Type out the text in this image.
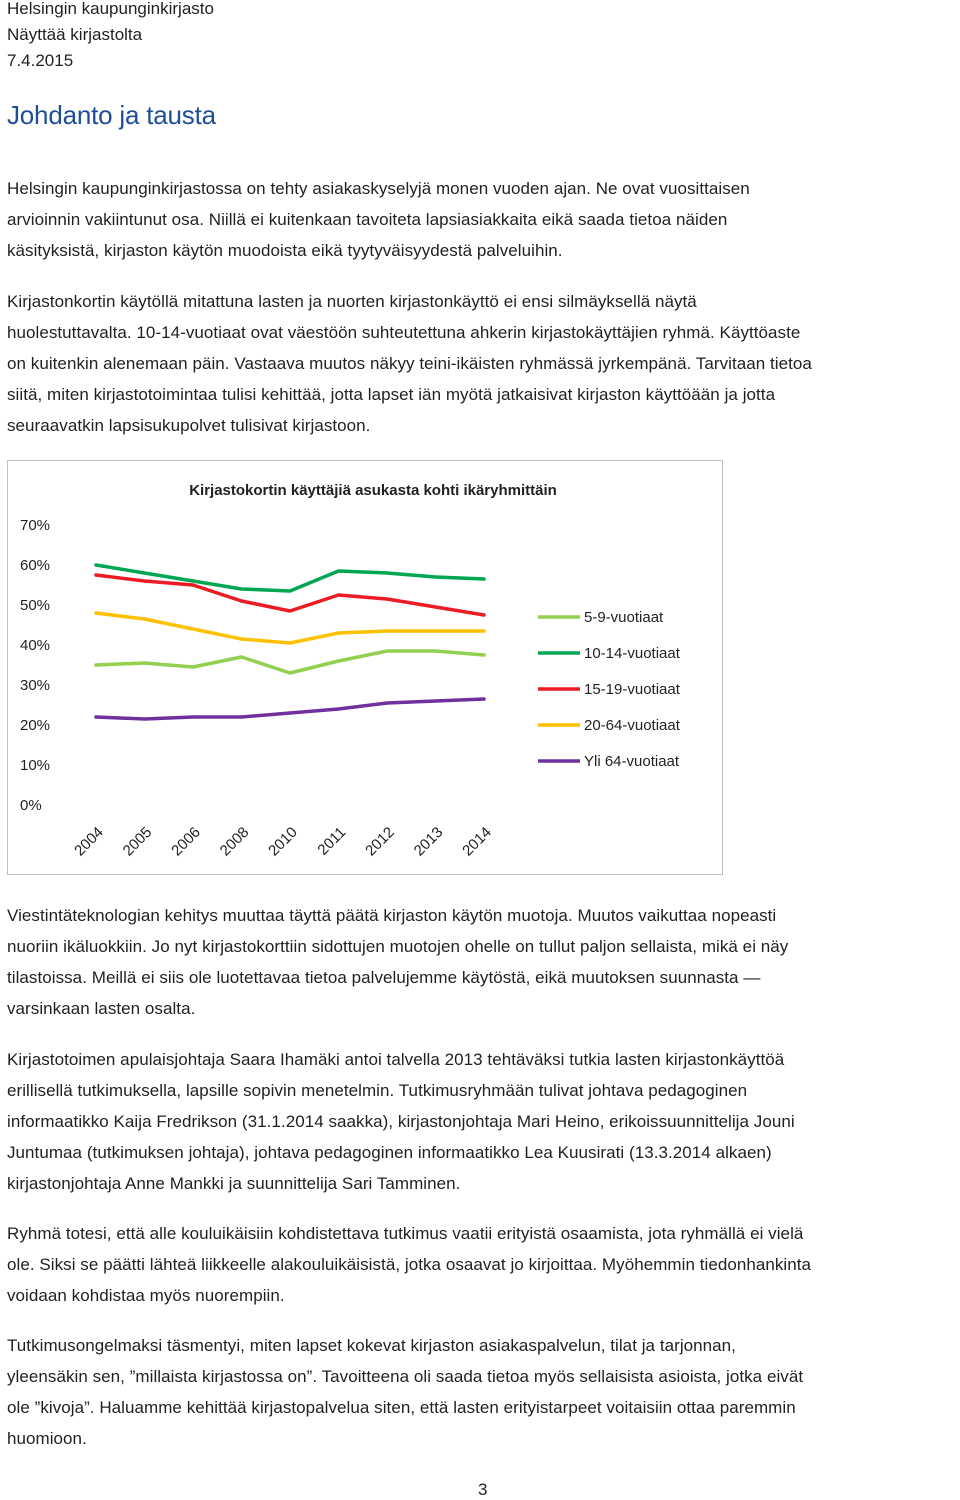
Helsingin kaupunginkirjasto
Näyttää kirjastolta
7.4.2015
Johdanto ja tausta
Helsingin kaupunginkirjastossa on tehty asiakaskyselyjä monen vuoden ajan. Ne ovat vuosittaisen
arvioinnin vakiintunut osa. Niillä ei kuitenkaan tavoiteta lapsiasiakkaita eikä saada tietoa näiden
käsityksistä, kirjaston käytön muodoista eikä tyytyväisyydestä palveluihin.
Kirjastonkortin käytöllä mitattuna lasten ja nuorten kirjastonkäyttö ei ensi silmäyksellä näytä
huolestuttavalta. 10-14-vuotiaat ovat väestöön suhteutettuna ahkerin kirjastokäyttäjien ryhmä. Käyttöaste
on kuitenkin alenemaan päin. Vastaava muutos näkyy teini-ikäisten ryhmässä jyrkempänä. Tarvitaan tietoa
siitä, miten kirjastotoimintaa tulisi kehittää, jotta lapset iän myötä jatkaisivat kirjaston käyttöään ja jotta
seuraavatkin lapsisukupolvet tulisivat kirjastoon.
Kirjastokortin käyttäjiä asukasta kohti ikäryhmittäin
0%
10%
20%
30%
40%
50%
60%
70%
2004 2005 2006 2008 2010 2011 2012 2013 2014
5-9-vuotiaat
10-14-vuotiaat
15-19-vuotiaat
20-64-vuotiaat
Yli 64-vuotiaat
Viestintäteknologian kehitys muuttaa täyttä päätä kirjaston käytön muotoja. Muutos vaikuttaa nopeasti
nuoriin ikäluokkiin. Jo nyt kirjastokorttiin sidottujen muotojen ohelle on tullut paljon sellaista, mikä ei näy
tilastoissa. Meillä ei siis ole luotettavaa tietoa palvelujemme käytöstä, eikä muutoksen suunnasta —
varsinkaan lasten osalta.
Kirjastotoimen apulaisjohtaja Saara Ihamäki antoi talvella 2013 tehtäväksi tutkia lasten kirjastonkäyttöä
erillisellä tutkimuksella, lapsille sopivin menetelmin. Tutkimusryhmään tulivat johtava pedagoginen
informaatikko Kaija Fredrikson (31.1.2014 saakka), kirjastonjohtaja Mari Heino, erikoissuunnittelija Jouni
Juntumaa (tutkimuksen johtaja), johtava pedagoginen informaatikko Lea Kuusirati (13.3.2014 alkaen)
kirjastonjohtaja Anne Mankki ja suunnittelija Sari Tamminen.
Ryhmä totesi, että alle kouluikäisiin kohdistettava tutkimus vaatii erityistä osaamista, jota ryhmällä ei vielä
ole. Siksi se päätti lähteä liikkeelle alakouluikäisistä, jotka osaavat jo kirjoittaa. Myöhemmin tiedonhankinta
voidaan kohdistaa myös nuorempiin.
Tutkimusongelmaksi täsmentyi, miten lapset kokevat kirjaston asiakaspalvelun, tilat ja tarjonnan,
yleensäkin sen, ”millaista kirjastossa on”. Tavoitteena oli saada tietoa myös sellaisista asioista, jotka eivät
ole ”kivoja”. Haluamme kehittää kirjastopalvelua siten, että lasten erityistarpeet voitaisiin ottaa paremmin
huomioon.
3
